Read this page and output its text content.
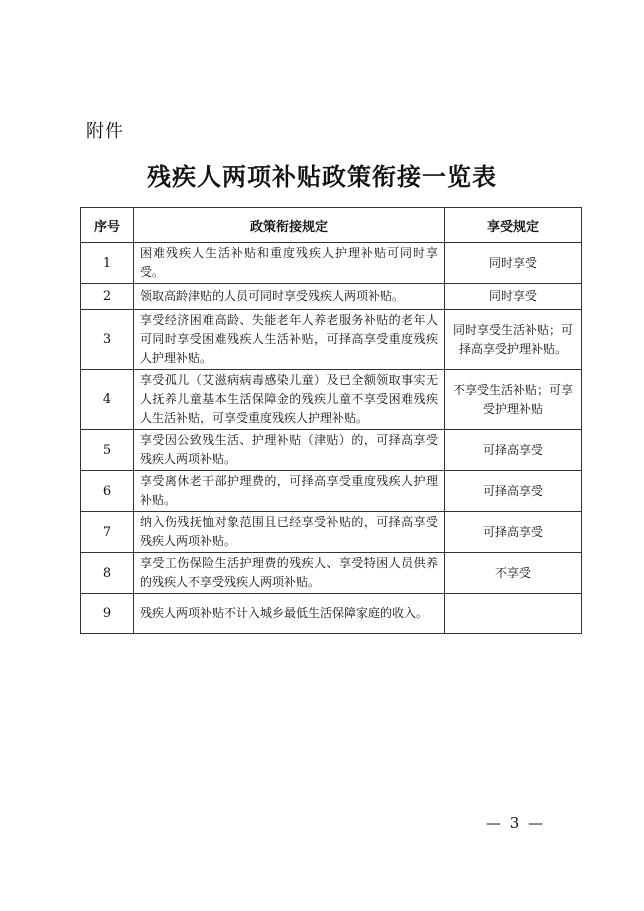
附件
残疾人两项补贴政策衔接一览表
序号	政策衔接规定	享受规定
1	困难残疾人生活补贴和重度残疾人护理补贴可同时享受。	同时享受
2	领取高龄津贴的人员可同时享受残疾人两项补贴。	同时享受
3	享受经济困难高龄、失能老年人养老服务补贴的老年人可同时享受困难残疾人生活补贴，可择高享受重度残疾人护理补贴。	同时享受生活补贴；可择高享受护理补贴。
4	享受孤儿（艾滋病病毒感染儿童）及已全额领取事实无人抚养儿童基本生活保障金的残疾儿童不享受困难残疾人生活补贴，可享受重度残疾人护理补贴。	不享受生活补贴；可享受护理补贴
5	享受因公致残生活、护理补贴（津贴）的，可择高享受残疾人两项补贴。	可择高享受
6	享受离休老干部护理费的，可择高享受重度残疾人护理补贴。	可择高享受
7	纳入伤残抚恤对象范围且已经享受补贴的，可择高享受残疾人两项补贴。	可择高享受
8	享受工伤保险生活护理费的残疾人、享受特困人员供养的残疾人不享受残疾人两项补贴。	不享受
9	残疾人两项补贴不计入城乡最低生活保障家庭的收入。	
— 3 —
